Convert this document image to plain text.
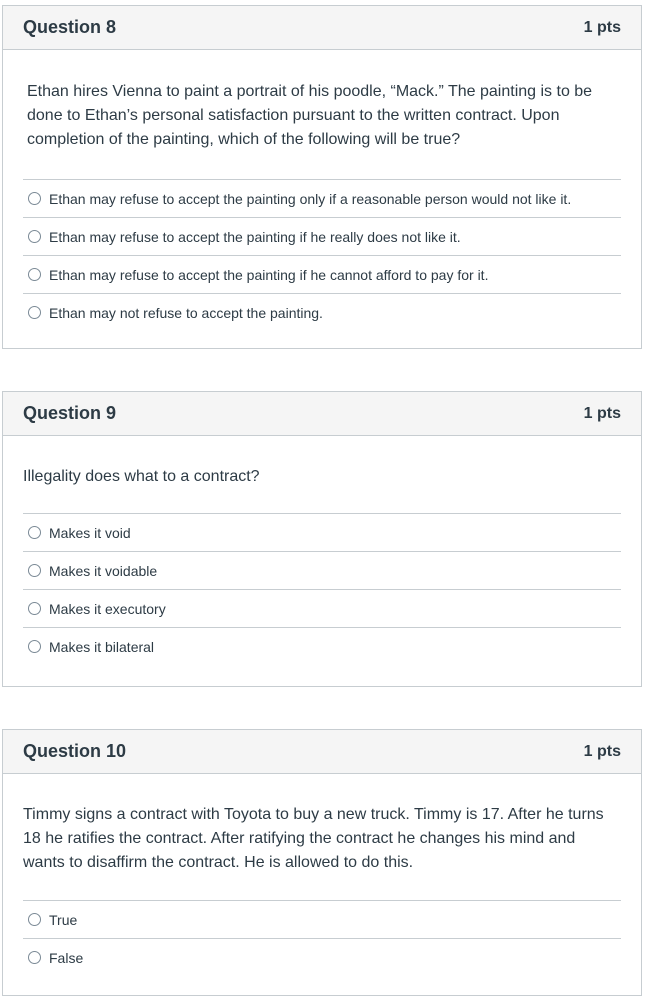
Question 8	1 pts

Ethan hires Vienna to paint a portrait of his poodle, “Mack.” The painting is to be done to Ethan’s personal satisfaction pursuant to the written contract. Upon completion of the painting, which of the following will be true?

Ethan may refuse to accept the painting only if a reasonable person would not like it.
Ethan may refuse to accept the painting if he really does not like it.
Ethan may refuse to accept the painting if he cannot afford to pay for it.
Ethan may not refuse to accept the painting.
Question 9	1 pts

Illegality does what to a contract?

Makes it void
Makes it voidable
Makes it executory
Makes it bilateral
Question 10	1 pts

Timmy signs a contract with Toyota to buy a new truck. Timmy is 17. After he turns 18 he ratifies the contract. After ratifying the contract he changes his mind and wants to disaffirm the contract. He is allowed to do this.

True
False
